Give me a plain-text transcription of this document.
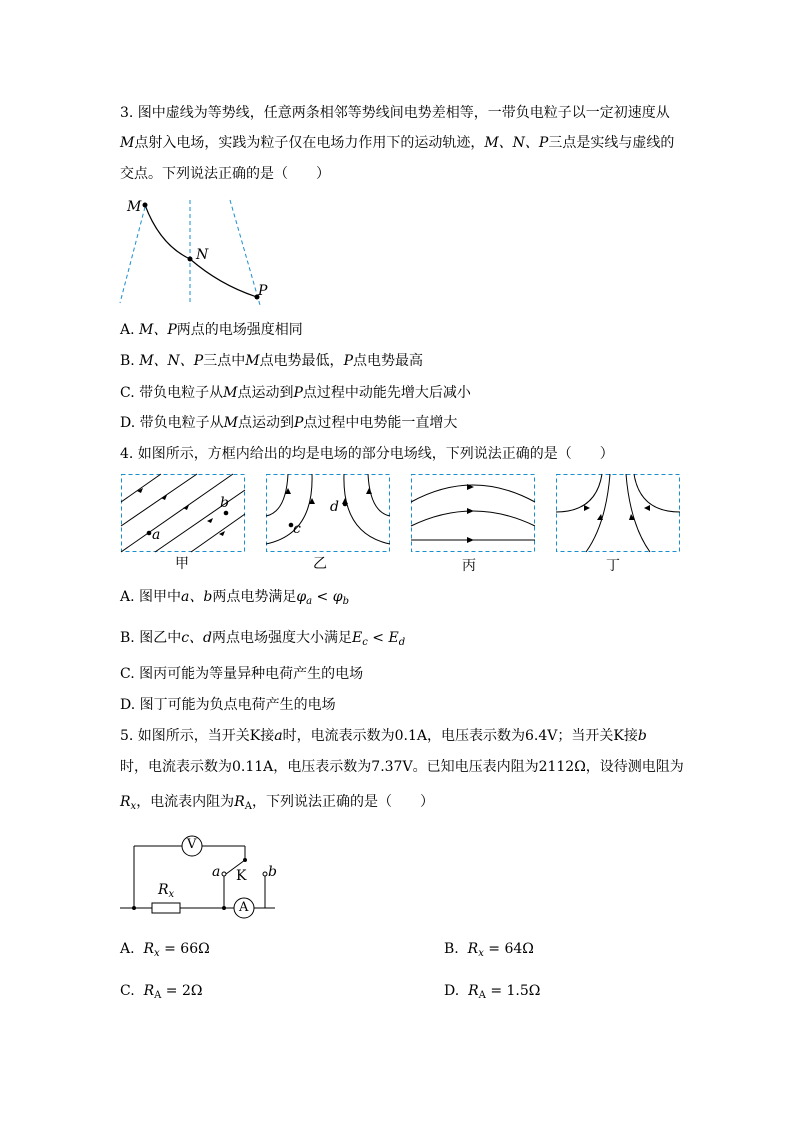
3. 图中虚线为等势线，任意两条相邻等势线间电势差相等，一带负电粒子以一定初速度从
M点射入电场，实践为粒子仅在电场力作用下的运动轨迹，M、N、P三点是实线与虚线的
交点。下列说法正确的是（　　）
M
N
P
A. M、P两点的电场强度相同
B. M、N、P三点中M点电势最低，P点电势最高
C. 带负电粒子从M点运动到P点过程中动能先增大后减小
D. 带负电粒子从M点运动到P点过程中电势能一直增大
4. 如图所示，方框内给出的均是电场的部分电场线，下列说法正确的是（　　）
a
b
甲
c
d
乙	丙	丁
A. 图甲中a、b两点电势满足$\varphi_a < \varphi_b$
B. 图乙中c、d两点电场强度大小满足$E_c < E_d$
C. 图丙可能为等量异种电荷产生的电场
D. 图丁可能为负点电荷产生的电场
5. 如图所示，当开关K接a时，电流表示数为0.1A，电压表示数为6.4V；当开关K接b
时，电流表示数为0.11A，电压表示数为7.37V。已知电压表内阻为2112Ω，设待测电阻为
$R_x$，电流表内阻为$R_A$，下列说法正确的是（　　）
V
A
K
a	b
$R_x$
A. $R_x = 66\Omega$	B. $R_x = 64\Omega$
C. $R_A = 2\Omega$	D. $R_A = 1.5\Omega$
